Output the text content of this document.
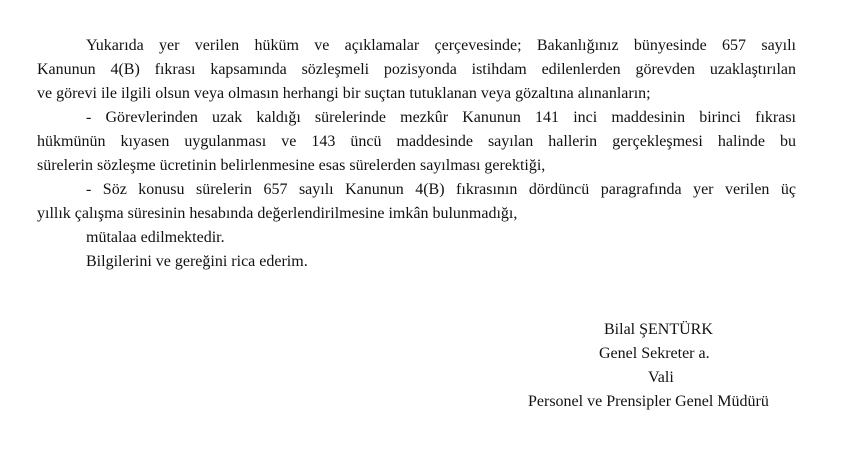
Yukarıda yer verilen hüküm ve açıklamalar çerçevesinde; Bakanlığınız bünyesinde 657 sayılı
Kanunun 4(B) fıkrası kapsamında sözleşmeli pozisyonda istihdam edilenlerden görevden uzaklaştırılan
ve görevi ile ilgili olsun veya olmasın herhangi bir suçtan tutuklanan veya gözaltına alınanların;
- Görevlerinden uzak kaldığı sürelerinde mezkûr Kanunun 141 inci maddesinin birinci fıkrası
hükmünün kıyasen uygulanması ve 143 üncü maddesinde sayılan hallerin gerçekleşmesi halinde bu
sürelerin sözleşme ücretinin belirlenmesine esas sürelerden sayılması gerektiği,
- Söz konusu sürelerin 657 sayılı Kanunun 4(B) fıkrasının dördüncü paragrafında yer verilen üç
yıllık çalışma süresinin hesabında değerlendirilmesine imkân bulunmadığı,
mütalaa edilmektedir.
Bilgilerini ve gereğini rica ederim.
Bilal ŞENTÜRK
Genel Sekreter a.
Vali
Personel ve Prensipler Genel Müdürü
